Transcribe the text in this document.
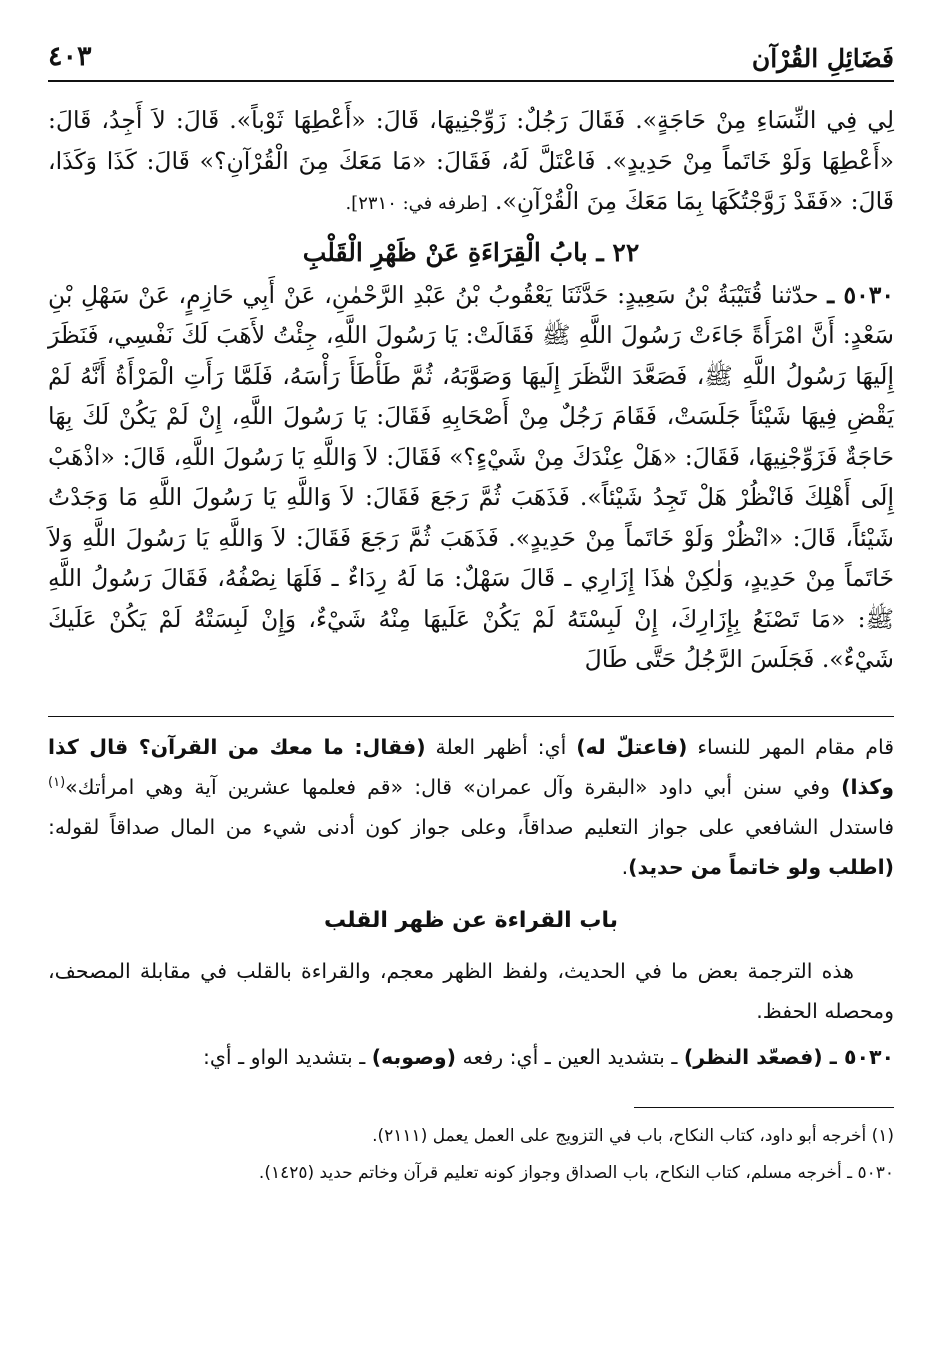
فَضَائِلِ القُرْآن
٤٠٣

لِي فِي النِّسَاءِ مِنْ حَاجَةٍ». فَقَالَ رَجُلٌ: زَوِّجْنِيهَا، قَالَ: «أَعْطِهَا ثَوْباً». قَالَ: لاَ أَجِدُ، قَالَ: «أَعْطِهَا وَلَوْ خَاتَماً مِنْ حَدِيدٍ». فَاعْتَلَّ لَهُ، فَقَالَ: «مَا مَعَكَ مِنَ الْقُرْآنِ؟» قَالَ: كَذَا وَكَذَا، قَالَ: «فَقَدْ زَوَّجْتُكَهَا بِمَا مَعَكَ مِنَ الْقُرْآنِ». [طرفه في: ٢٣١٠].

٢٢ ـ بابُ الْقِرَاءَةِ عَنْ ظَهْرِ الْقَلْبِ

٥٠٣٠ ـ حدّثنا قُتَيْبَةُ بْنُ سَعِيدٍ: حَدَّثَنَا يَعْقُوبُ بْنُ عَبْدِ الرَّحْمٰنِ، عَنْ أَبِي حَازِمٍ، عَنْ سَهْلِ بْنِ سَعْدٍ: أَنَّ امْرَأَةً جَاءَتْ رَسُولَ اللَّهِ ﷺ فَقَالَتْ: يَا رَسُولَ اللَّهِ، جِئْتُ لأَهَبَ لَكَ نَفْسِي، فَنَظَرَ إِلَيهَا رَسُولُ اللَّهِ ﷺ، فَصَعَّدَ النَّظَرَ إِلَيهَا وَصَوَّبَهُ، ثُمَّ طَأْطَأَ رَأْسَهُ، فَلَمَّا رَأَتِ الْمَرْأَةُ أَنَّهُ لَمْ يَقْضِ فِيهَا شَيْئاً جَلَسَتْ، فَقَامَ رَجُلٌ مِنْ أَصْحَابِهِ فَقَالَ: يَا رَسُولَ اللَّهِ، إِنْ لَمْ يَكُنْ لَكَ بِهَا حَاجَةٌ فَزَوِّجْنِيهَا، فَقَالَ: «هَلْ عِنْدَكَ مِنْ شَيْءٍ؟» فَقَالَ: لاَ وَاللَّهِ يَا رَسُولَ اللَّهِ، قَالَ: «اذْهَبْ إِلَى أَهْلِكَ فَانْظُرْ هَلْ تَجِدُ شَيْئاً». فَذَهَبَ ثُمَّ رَجَعَ فَقَالَ: لاَ وَاللَّهِ يَا رَسُولَ اللَّهِ مَا وَجَدْتُ شَيْئاً، قَالَ: «انْظُرْ وَلَوْ خَاتَماً مِنْ حَدِيدٍ». فَذَهَبَ ثُمَّ رَجَعَ فَقَالَ: لاَ وَاللَّهِ يَا رَسُولَ اللَّهِ وَلاَ خَاتَماً مِنْ حَدِيدٍ، وَلٰكِنْ هٰذَا إِزَارِي ـ قَالَ سَهْلٌ: مَا لَهُ رِدَاءٌ ـ فَلَهَا نِصْفُهُ، فَقَالَ رَسُولُ اللَّهِ ﷺ: «مَا تَصْنَعُ بِإِزَارِكَ، إِنْ لَبِسْتَهُ لَمْ يَكُنْ عَلَيهَا مِنْهُ شَيْءٌ، وَإِنْ لَبِسَتْهُ لَمْ يَكُنْ عَلَيكَ شَيْءٌ». فَجَلَسَ الرَّجُلُ حَتَّى طَالَ

قام مقام المهر للنساء (فاعتلّ له) أي: أظهر العلة (فقال: ما معك من القرآن؟ قال كذا وكذا) وفي سنن أبي داود «البقرة وآل عمران» قال: «قم فعلمها عشرين آية وهي امرأتك»$^{(١)}$ فاستدل الشافعي على جواز التعليم صداقاً، وعلى جواز كون أدنى شيء من المال صداقاً لقوله: (اطلب ولو خاتماً من حديد).

باب القراءة عن ظهر القلب

هذه الترجمة بعض ما في الحديث، ولفظ الظهر معجم، والقراءة بالقلب في مقابلة المصحف، ومحصله الحفظ.

٥٠٣٠ ـ (فصعّد النظر) ـ بتشديد العين ـ أي: رفعه (وصوبه) ـ بتشديد الواو ـ أي:

(١) أخرجه أبو داود، كتاب النكاح، باب في التزويج على العمل يعمل (٢١١١).

٥٠٣٠ ـ أخرجه مسلم، كتاب النكاح، باب الصداق وجواز كونه تعليم قرآن وخاتم حديد (١٤٢٥).
